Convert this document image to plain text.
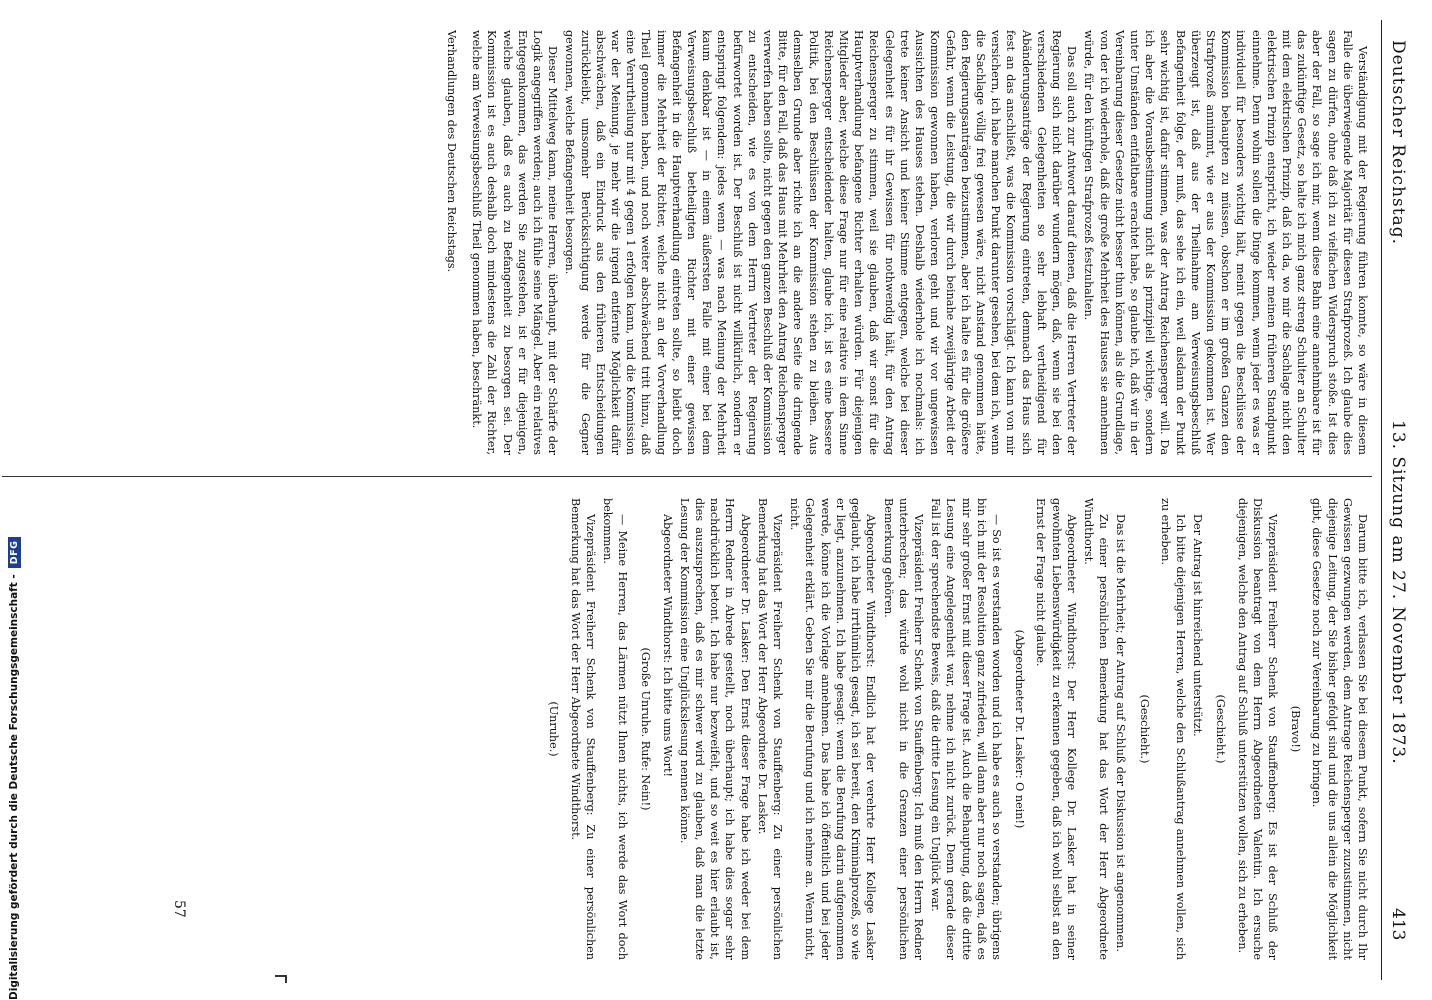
Deutscher Reichstag.
13. Sitzung am 27. November 1873.
413

Verständigung mit der Regierung führen konnte, so wäre in diesem Falle die überwiegende Majorität für diesen Strafprozeß. Ich glaube dies sagen zu dürfen, ohne daß ich zu vielfachen Widerspruch stoße. Ist dies aber der Fall, so sage ich mir, wenn diese Bahn eine annehmbare ist für das zukünftige Gesetz, so halte ich mich ganz streng Schulter an Schulter mit dem elektrischen Prinzip, daß ich da, wo mir die Sachlage nicht den elektrischen Prinzip entspricht, ich wieder meinen früheren Standpunkt einnehme. Denn wohin sollen die Dinge kommen, wenn jeder es was er individuell für besonders wichtig hält, meint gegen die Beschlüsse der Kommission behaupten zu müssen, obschon er im großen Ganzen den Strafprozeß annimmt, wie er aus der Kommission gekommen ist. Wer überzeugt ist, daß aus der Theilnahme am Verweisungsbeschluß Befangenheit folge, der muß, das sehe ich ein, weil alsdann der Punkt sehr wichtig ist, dafür stimmen, was der Antrag Reichensperger will. Da ich aber die Vorausbestimmung nicht als prinzipiell wichtige, sondern unter Umständen entfaltbare erachtet habe, so glaube ich, daß wir in der Vereinbarung dieser Gesetze nicht besser thun können, als die Grundlage, von der ich wiederhole, daß die große Mehrheit des Hauses sie annehmen würde, für den künftigen Strafprozeß festzuhalten.

Das soll auch zur Antwort darauf dienen, daß die Herren Vertreter der Regierung sich nicht darüber wundern mögen, daß, wenn sie bei den verschiedenen Gelegenheiten so sehr lebhaft vertheidigend für Abänderungsanträge der Regierung eintreten, demnach das Haus sich fest an das anschließt, was die Kommission vorschlägt. Ich kann von mir versichern, ich habe manchen Punkt darunter gesehen, bei dem ich, wenn die Sachlage völlig frei gewesen wäre, nicht Anstand genommen hätte, den Regierungsanträgen beizustimmen, aber ich halte es für die größere Gefahr, wenn die Leistung, die wir durch beinahe zweijährige Arbeit der Kommission gewonnen haben, verloren geht und wir vor ungewissen Aussichten des Hauses stehen. Deshalb wiederhole ich nochmals: ich trete keiner Ansicht und keiner Stimme entgegen, welche bei dieser Gelegenheit es für ihr Gewissen für nothwendig hält, für den Antrag Reichensperger zu stimmen, weil sie glauben, daß wir sonst für die Hauptverhandlung befangene Richter erhalten würden. Für diejenigen Mitglieder aber, welche diese Frage nur für eine relative in dem Sinne Reichensperger entscheidender halten, glaube ich, ist es eine bessere Politik, bei den Beschlüssen der Kommission stehen zu bleiben. Aus demselben Grunde aber richte ich an die andere Seite die dringende Bitte, für den Fall, daß das Haus mit Mehrheit den Antrag Reichensperger verwerfen haben sollte, nicht gegen den ganzen Beschluß der Kommission zu entscheiden, wie es von dem Herrn Vertreter der Regierung befürwortet worden ist. Der Beschluß ist nicht willkürlich, sondern er entspringt folgendem: jedes wenn — was nach Meinung der Mehrheit kaum denkbar ist — in einem äußersten Falle mit einer bei dem Verweisungsbeschluß betheiligten Richter mit einer gewissen Befangenheit in die Hauptverhandlung eintreten sollte, so bleibt doch immer die Mehrheit der Richter, welche nicht an der Vorverhandlung Theil genommen haben, und noch weiter abschwächend tritt hinzu, daß eine Verurtheilung nur mit 4 gegen 1 erfolgen kann, und die Kommission war der Meinung, je mehr wir die irgend entfernte Möglichkeit dafür abschwächen, daß ein Eindruck aus den früheren Entscheidungen zurückbleibt, umsomehr Berücksichtigung werde für die Gegner gewonnen, welche Befangenheit besorgen.

Dieser Mittelweg kann, meine Herren, überhaupt, mit der Schärfe der Logik angegriffen werden; auch ich fühle seine Mängel. Aber ein relatives Entgegenkommen, das werden Sie zugestehen, ist er für diejenigen, welche glauben, daß es auch zu Befangenheit zu besorgen sei. Der Kommission ist es auch deshalb doch mindestens die Zahl der Richter, welche am Verweisungsbeschluß Theil genommen haben, beschränkt.

Verhandlungen des Deutschen Reichstags.

Darum bitte ich, verlassen Sie bei diesem Punkt, sofern Sie nicht durch Ihr Gewissen gezwungen werden, dem Antrage Reichensperger zuzustimmen, nicht diejenige Leitung, der Sie bisher gefolgt sind und die uns allein die Möglichkeit gibt, diese Gesetze noch zur Vereinbarung zu bringen.

(Bravo!)

Vizepräsident Freiherr Schenk von Stauffenberg: Es ist der Schluß der Diskussion beantragt von dem Herrn Abgeordneten Valentin. Ich ersuche diejenigen, welche den Antrag auf Schluß unterstützen wollen, sich zu erheben.

(Geschieht.)

Der Antrag ist hinreichend unterstützt.

Ich bitte diejenigen Herren, welche den Schlußantrag annehmen wollen, sich zu erheben.

(Geschieht.)

Das ist die Mehrheit; der Antrag auf Schluß der Diskussion ist angenommen.

Zu einer persönlichen Bemerkung hat das Wort der Herr Abgeordnete Windthorst.

Abgeordneter Windthorst: Der Herr Kollege Dr. Lasker hat in seiner gewohnten Liebenswürdigkeit zu erkennen gegeben, daß ich wohl selbst an den Ernst der Frage nicht glaube.

(Abgeordneter Dr. Lasker: O nein!)

— So ist es verstanden worden und ich habe es auch so verstanden; übrigens bin ich mit der Resolution ganz zufrieden, will dann aber nur noch sagen, daß es mir sehr großer Ernst mit dieser Frage ist. Auch die Behauptung, daß die dritte Lesung eine Angelegenheit war, nehme ich nicht zurück. Denn gerade dieser Fall ist der sprechendste Beweis, daß die dritte Lesung ein Unglück war.

Vizepräsident Freiherr Schenk von Stauffenberg: Ich muß den Herrn Redner unterbrechen; das würde wohl nicht in die Grenzen einer persönlichen Bemerkung gehören.

Abgeordneter Windthorst: Endlich hat der verehrte Herr Kollege Lasker geglaubt, ich habe irrthümlich gesagt, ich sei bereit, den Kriminalprozeß, so wie er liegt, anzunehmen. Ich habe gesagt: wenn die Berufung darin aufgenommen werde, könne ich die Vorlage annehmen. Das habe ich öffentlich und bei jeder Gelegenheit erklärt. Geben Sie mir die Berufung und ich nehme an. Wenn nicht, nicht.

Vizepräsident Freiherr Schenk von Stauffenberg: Zu einer persönlichen Bemerkung hat das Wort der Herr Abgeordnete Dr. Lasker.

Abgeordneter Dr. Lasker: Den Ernst dieser Frage habe ich weder bei dem Herrn Redner in Abrede gestellt, noch überhaupt; ich habe dies sogar sehr nachdrücklich betont. Ich habe nur bezweifelt, und so weit es hier erlaubt ist, dies auszusprechen, daß es mir schwer wird zu glauben, daß man die letzte Lesung der Kommission eine Unglückslesung nennen könne.

Abgeordneter Windthorst: Ich bitte ums Wort!

(Große Unruhe. Rufe: Nein!)

— Meine Herren, das Lärmen nützt Ihnen nichts, ich werde das Wort doch bekommen.

Vizepräsident Freiherr Schenk von Stauffenberg: Zu einer persönlichen Bemerkung hat das Wort der Herr Abgeordnete Windthorst.

(Unruhe.)

57
Digitalisierung gefördert durch die Deutsche Forschungsgemeinschaft -
DFG
